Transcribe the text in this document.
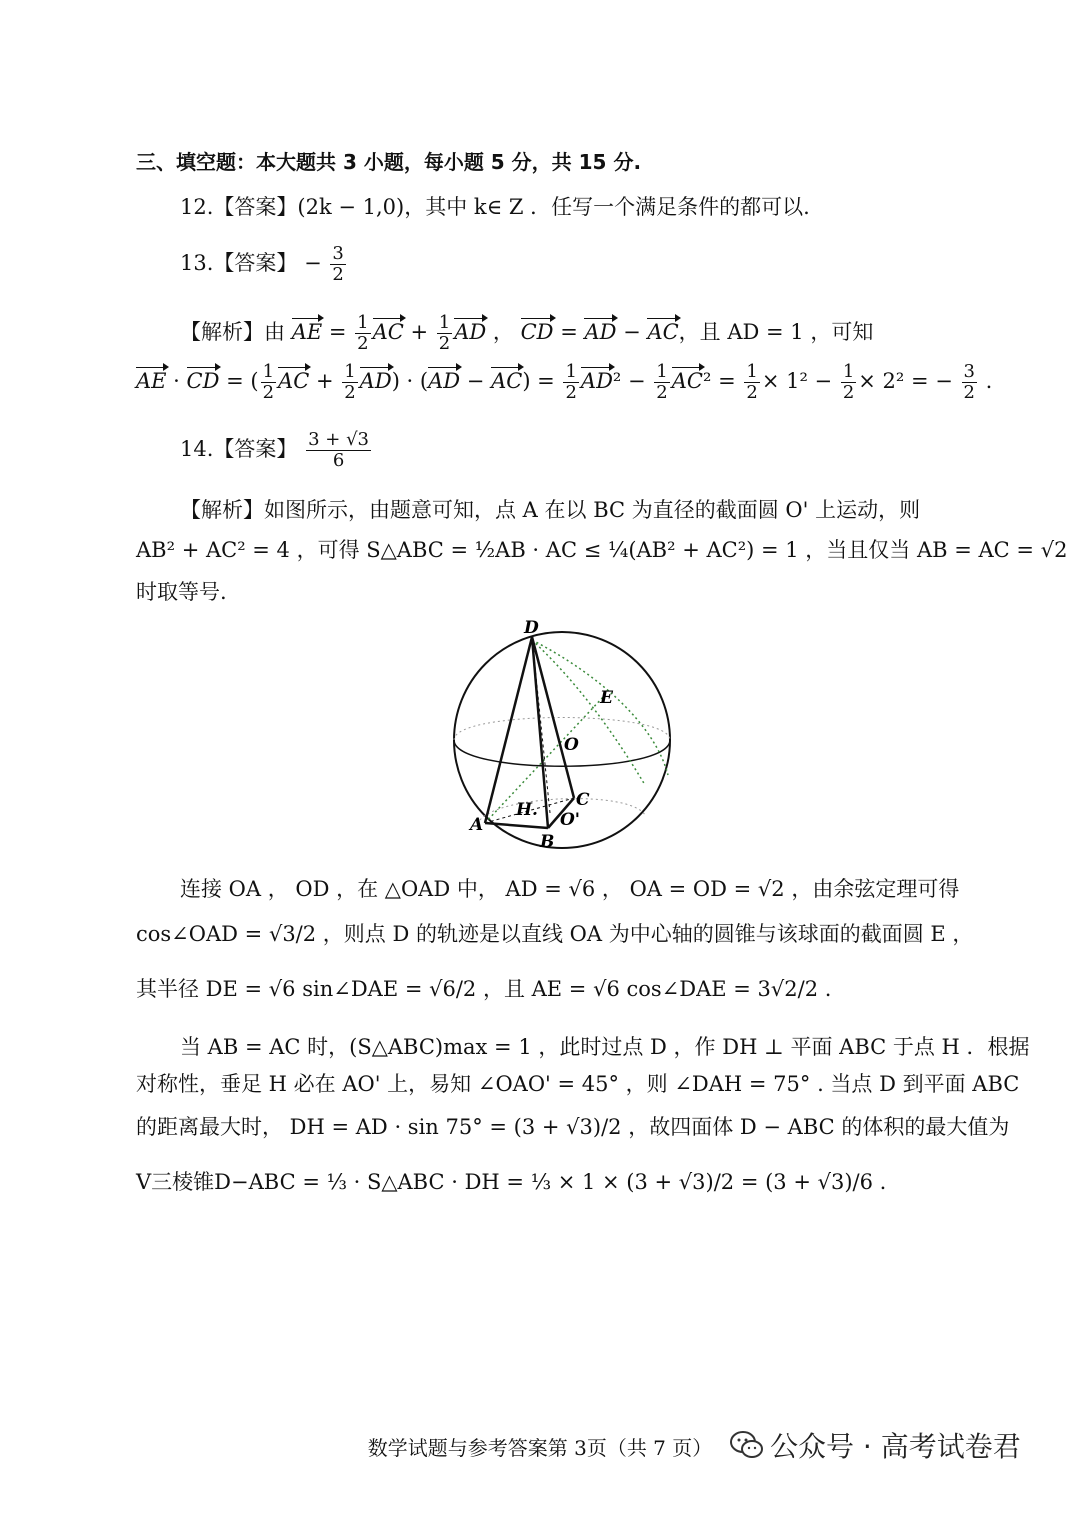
三、填空题：本大题共 3 小题，每小题 5 分，共 15 分.
12.【答案】(2k − 1,0)，其中 k∈ Z ．任写一个满足条件的都可以.
13.【答案】 − $\frac{3}{2}$
【解析】由 AE = $\frac{1}{2}$ AC + $\frac{1}{2}$ AD ， CD = AD − AC，且 AD = 1 ，可知
AE · CD = ( $\frac{1}{2}$ AC + $\frac{1}{2} AD) \cdot (AD - AC) = \frac{1}{2} AD^2 - \frac{1}{2} AC^2 = \frac{1}{2} \times 1^2 - \frac{1}{2} \times 2^2$ = − $\frac{3}{2}$ .
14.【答案】 $\frac{3 + √3}{6}$
【解析】如图所示，由题意可知，点 A 在以 BC 为直径的截面圆 O' 上运动，则
AB² + AC² = 4 ，可得 S△ABC = ½AB · AC ≤ ¼(AB² + AC²) = 1 ，当且仅当 AB = AC = √2
时取等号.
D
E
O
C
H. O'
A
B
连接 OA ， OD ，在 △OAD 中， AD = √6 ， OA = OD = √2 ，由余弦定理可得
cos∠OAD = √3/2 ，则点 D 的轨迹是以直线 OA 为中心轴的圆锥与该球面的截面圆 E ，
其半径 DE = √6 sin∠DAE = √6/2 ，且 AE = √6 cos∠DAE = 3√2/2 .
当 AB = AC 时，(S△ABC)max = 1 ，此时过点 D ，作 DH ⊥ 平面 ABC 于点 H ．根据
对称性，垂足 H 必在 AO' 上，易知 ∠OAO' = 45° ，则 ∠DAH = 75° . 当点 D 到平面 ABC
的距离最大时， DH = AD · sin 75° = (3 + √3)/2 ，故四面体 D − ABC 的体积的最大值为
V三棱锥D−ABC = ⅓ · S△ABC · DH = ⅓ × 1 × (3 + √3)/2 = (3 + √3)/6 .
数学试题与参考答案第 3页（共 7 页）	公众号 · 高考试卷君
